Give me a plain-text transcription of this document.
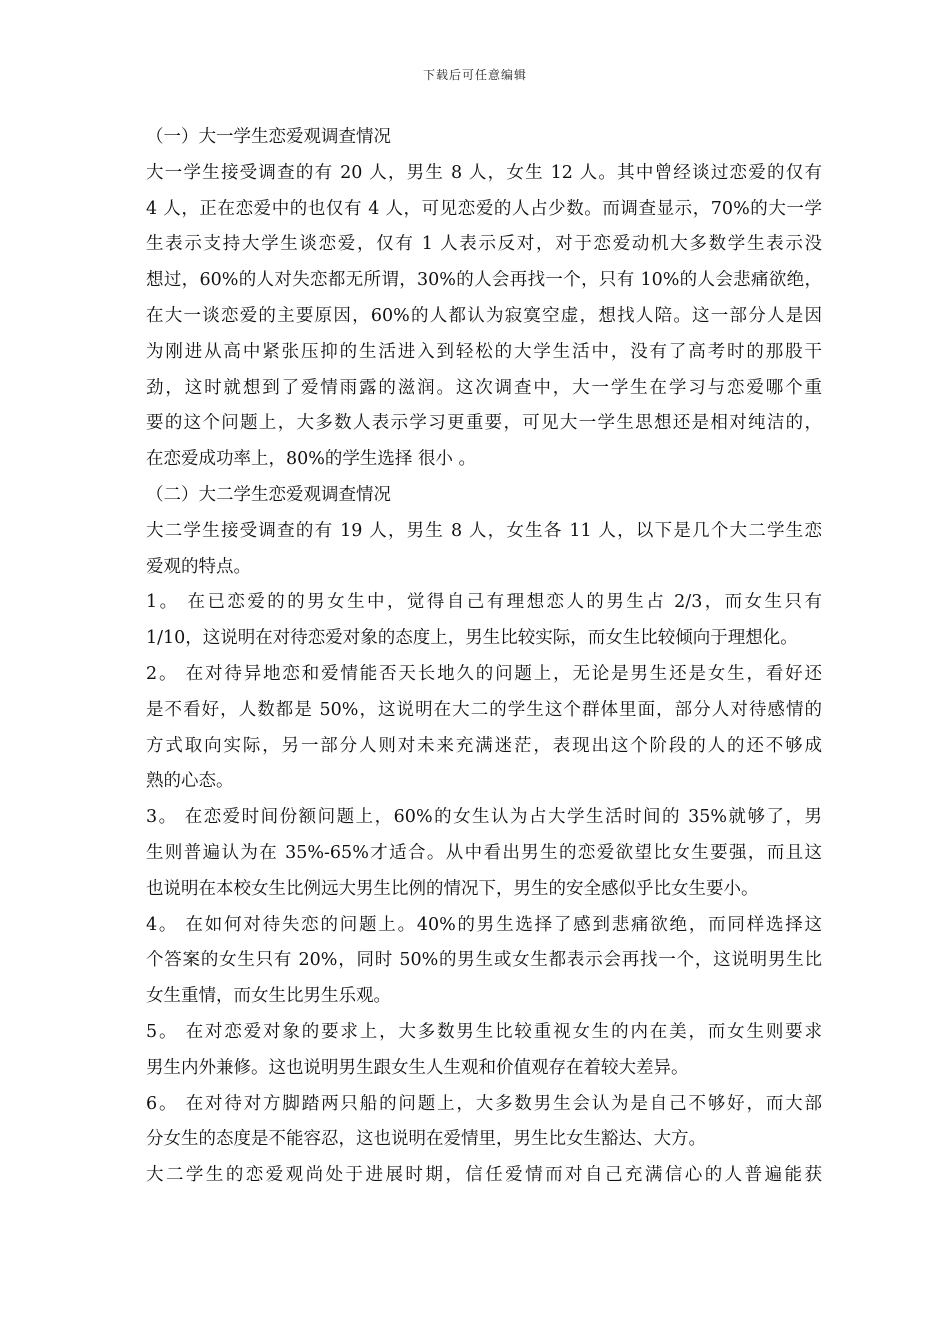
下载后可任意编辑
（一）大一学生恋爱观调查情况
大一学生接受调查的有 20 人，男生 8 人，女生 12 人。其中曾经谈过恋爱的仅有
4 人，正在恋爱中的也仅有 4 人，可见恋爱的人占少数。而调查显示，70%的大一学
生表示支持大学生谈恋爱，仅有 1 人表示反对，对于恋爱动机大多数学生表示没
想过，60%的人对失恋都无所谓，30%的人会再找一个，只有 10%的人会悲痛欲绝，
在大一谈恋爱的主要原因，60%的人都认为寂寞空虚，想找人陪。这一部分人是因
为刚进从高中紧张压抑的生活进入到轻松的大学生活中，没有了高考时的那股干
劲，这时就想到了爱情雨露的滋润。这次调查中，大一学生在学习与恋爱哪个重
要的这个问题上，大多数人表示学习更重要，可见大一学生思想还是相对纯洁的，
在恋爱成功率上，80%的学生选择 很小 。
（二）大二学生恋爱观调查情况
大二学生接受调查的有 19 人，男生 8 人，女生各 11 人，以下是几个大二学生恋
爱观的特点。
1。 在已恋爱的的男女生中，觉得自己有理想恋人的男生占 2/3，而女生只有
1/10，这说明在对待恋爱对象的态度上，男生比较实际，而女生比较倾向于理想化。
2。 在对待异地恋和爱情能否天长地久的问题上，无论是男生还是女生，看好还
是不看好，人数都是 50%，这说明在大二的学生这个群体里面，部分人对待感情的
方式取向实际，另一部分人则对未来充满迷茫，表现出这个阶段的人的还不够成
熟的心态。
3。 在恋爱时间份额问题上，60%的女生认为占大学生活时间的 35%就够了，男
生则普遍认为在 35%-65%才适合。从中看出男生的恋爱欲望比女生要强，而且这
也说明在本校女生比例远大男生比例的情况下，男生的安全感似乎比女生要小。
4。 在如何对待失恋的问题上。40%的男生选择了感到悲痛欲绝，而同样选择这
个答案的女生只有 20%，同时 50%的男生或女生都表示会再找一个，这说明男生比
女生重情，而女生比男生乐观。
5。 在对恋爱对象的要求上，大多数男生比较重视女生的内在美，而女生则要求
男生内外兼修。这也说明男生跟女生人生观和价值观存在着较大差异。
6。 在对待对方脚踏两只船的问题上，大多数男生会认为是自己不够好，而大部
分女生的态度是不能容忍，这也说明在爱情里，男生比女生豁达、大方。
大二学生的恋爱观尚处于进展时期，信任爱情而对自己充满信心的人普遍能获
